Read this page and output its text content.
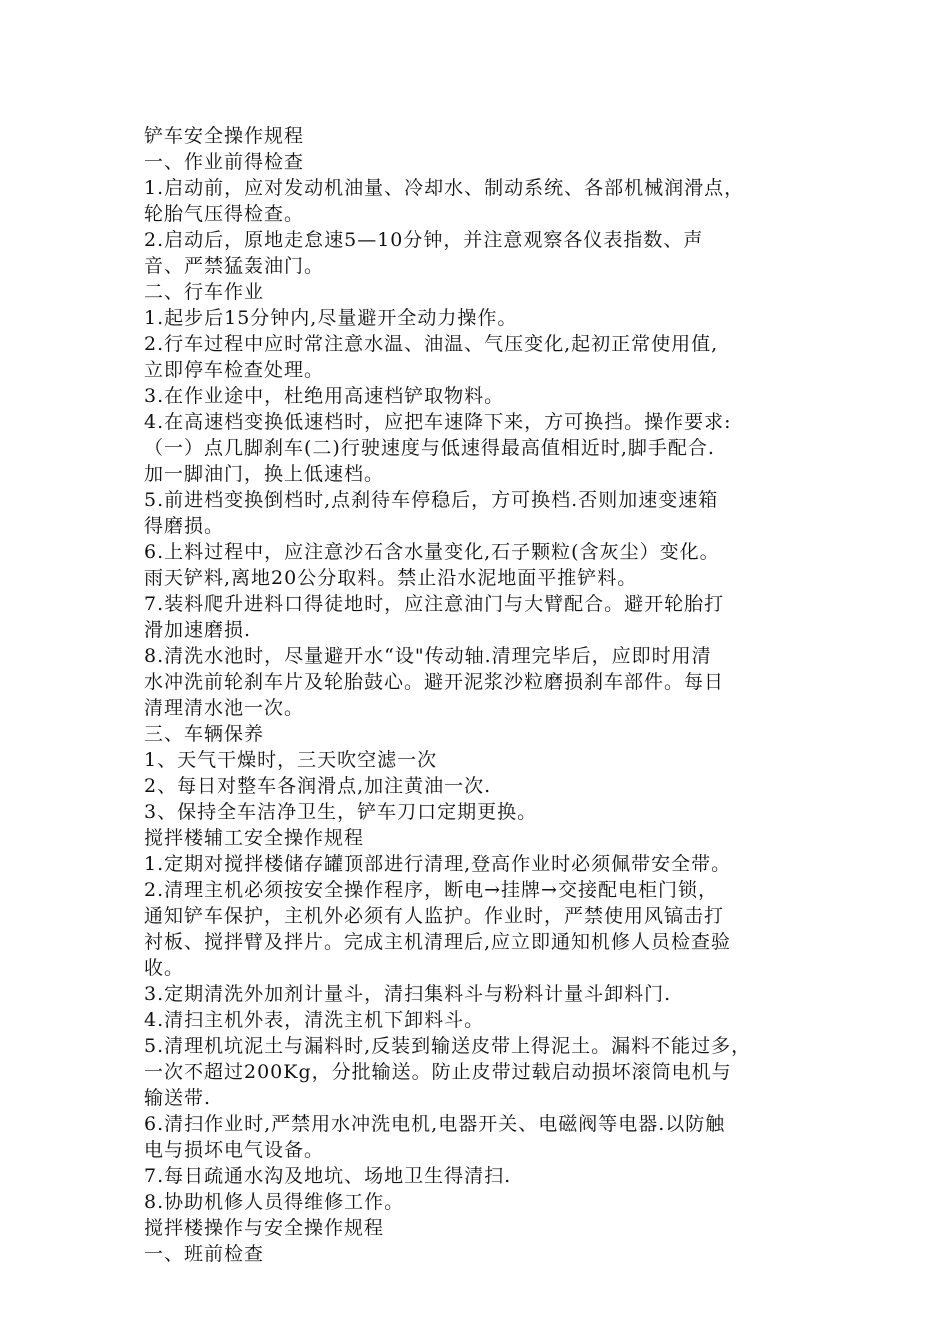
铲车安全操作规程
一、作业前得检查
1.启动前，应对发动机油量、冷却水、制动系统、各部机械润滑点，
轮胎气压得检查。
2.启动后，原地走怠速5—10分钟，并注意观察各仪表指数、声
音、严禁猛轰油门。
二、行车作业
1.起步后15分钟内,尽量避开全动力操作。
2.行车过程中应时常注意水温、油温、气压变化,起初正常使用值,
立即停车检查处理。
3.在作业途中，杜绝用高速档铲取物料。
4.在高速档变换低速档时，应把车速降下来，方可换挡。操作要求:
（一）点几脚刹车(二)行驶速度与低速得最高值相近时,脚手配合.
加一脚油门，换上低速档。
5.前进档变换倒档时,点刹待车停稳后，方可换档.否则加速变速箱
得磨损。
6.上料过程中，应注意沙石含水量变化,石子颗粒(含灰尘）变化。
雨天铲料,离地20公分取料。禁止沿水泥地面平推铲料。
7.装料爬升进料口得徒地时，应注意油门与大臂配合。避开轮胎打
滑加速磨损.
8.清洗水池时，尽量避开水“设"传动轴.清理完毕后，应即时用清
水冲洗前轮刹车片及轮胎鼓心。避开泥浆沙粒磨损刹车部件。每日
清理清水池一次。
三、车辆保养
1、天气干燥时，三天吹空滤一次
2、每日对整车各润滑点,加注黄油一次.
3、保持全车洁净卫生，铲车刀口定期更换。
搅拌楼辅工安全操作规程
1.定期对搅拌楼储存罐顶部进行清理,登高作业时必须佩带安全带。
2.清理主机必须按安全操作程序，断电→挂牌→交接配电柜门锁，
通知铲车保护，主机外必须有人监护。作业时，严禁使用风镐击打
衬板、搅拌臂及拌片。完成主机清理后,应立即通知机修人员检查验
收。
3.定期清洗外加剂计量斗，清扫集料斗与粉料计量斗卸料门.
4.清扫主机外表，清洗主机下卸料斗。
5.清理机坑泥土与漏料时,反装到输送皮带上得泥土。漏料不能过多，
一次不超过200Kg，分批输送。防止皮带过载启动损坏滚筒电机与
输送带.
6.清扫作业时,严禁用水冲洗电机,电器开关、电磁阀等电器.以防触
电与损坏电气设备。
7.每日疏通水沟及地坑、场地卫生得清扫.
8.协助机修人员得维修工作。
搅拌楼操作与安全操作规程
一、班前检查
